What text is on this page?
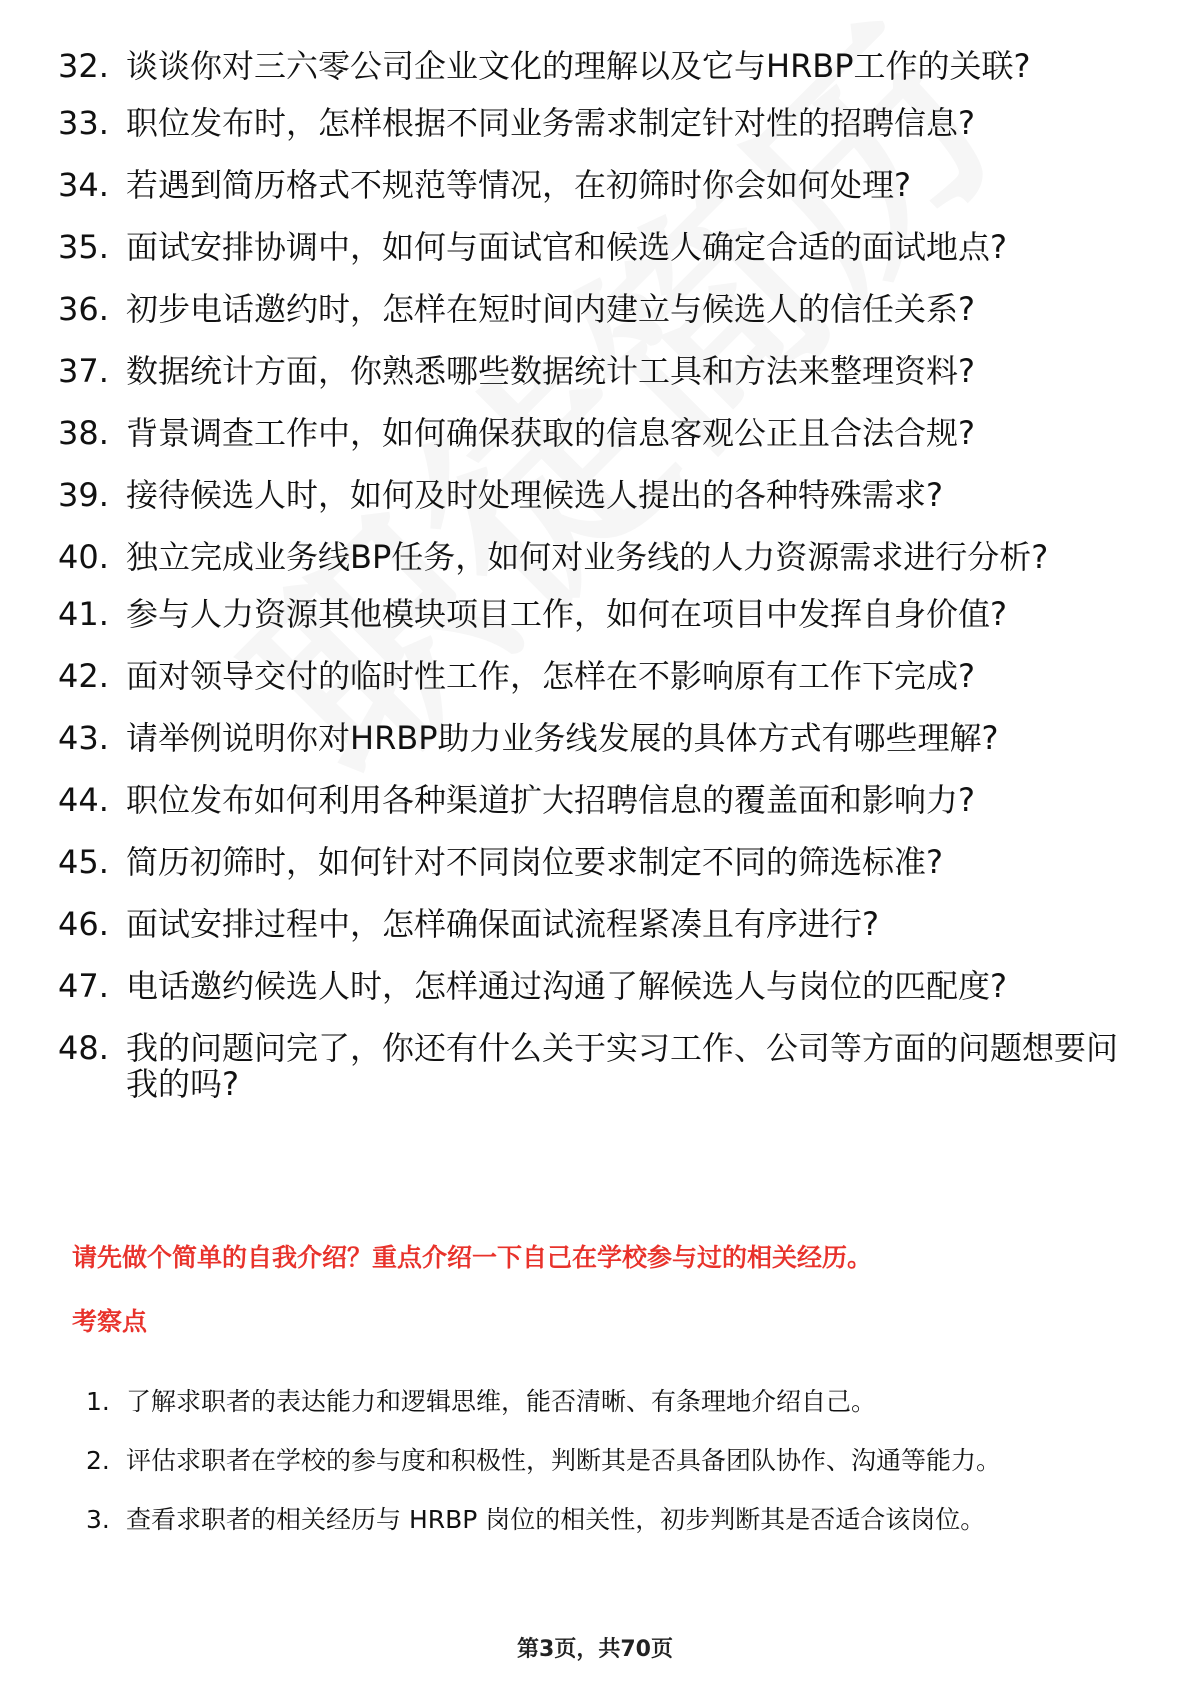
32. 谈谈你对三六零公司企业文化的理解以及它与HRBP工作的关联?
33. 职位发布时，怎样根据不同业务需求制定针对性的招聘信息?
34. 若遇到简历格式不规范等情况，在初筛时你会如何处理?
35. 面试安排协调中，如何与面试官和候选人确定合适的面试地点?
36. 初步电话邀约时，怎样在短时间内建立与候选人的信任关系?
37. 数据统计方面，你熟悉哪些数据统计工具和方法来整理资料?
38. 背景调查工作中，如何确保获取的信息客观公正且合法合规?
39. 接待候选人时，如何及时处理候选人提出的各种特殊需求?
40. 独立完成业务线BP任务，如何对业务线的人力资源需求进行分析?
41. 参与人力资源其他模块项目工作，如何在项目中发挥自身价值?
42. 面对领导交付的临时性工作，怎样在不影响原有工作下完成?
43. 请举例说明你对HRBP助力业务线发展的具体方式有哪些理解?
44. 职位发布如何利用各种渠道扩大招聘信息的覆盖面和影响力?
45. 简历初筛时，如何针对不同岗位要求制定不同的筛选标准?
46. 面试安排过程中，怎样确保面试流程紧凑且有序进行?
47. 电话邀约候选人时，怎样通过沟通了解候选人与岗位的匹配度?
48. 我的问题问完了，你还有什么关于实习工作、公司等方面的问题想要问我的吗?
请先做个简单的自我介绍？重点介绍一下自己在学校参与过的相关经历。
考察点
1. 了解求职者的表达能力和逻辑思维，能否清晰、有条理地介绍自己。
2. 评估求职者在学校的参与度和积极性，判断其是否具备团队协作、沟通等能力。
3. 查看求职者的相关经历与 HRBP 岗位的相关性，初步判断其是否适合该岗位。
第3页，共70页
